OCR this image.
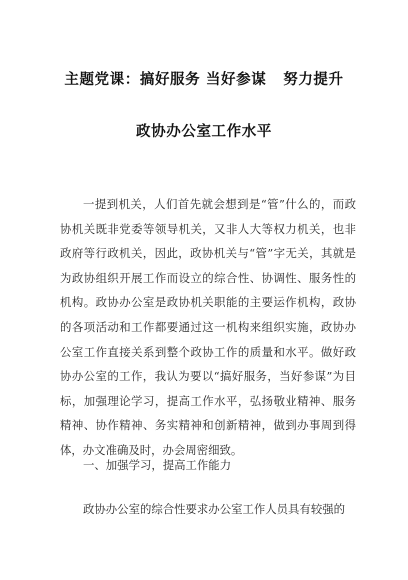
主题党课：搞好服务 当好参谋   努力提升
政协办公室工作水平
一提到机关，人们首先就会想到是“管”什么的，而政协机关既非党委等领导机关，又非人大等权力机关，也非政府等行政机关，因此，政协机关与“管”字无关，其就是为政协组织开展工作而设立的综合性、协调性、服务性的机构。政协办公室是政协机关职能的主要运作机构，政协的各项活动和工作都要通过这一机构来组织实施，政协办公室工作直接关系到整个政协工作的质量和水平。做好政协办公室的工作，我认为要以“搞好服务，当好参谋”为目标，加强理论学习，提高工作水平，弘扬敬业精神、服务精神、协作精神、务实精神和创新精神，做到办事周到得体，办文准确及时，办会周密细致。
一、加强学习，提高工作能力
政协办公室的综合性要求办公室工作人员具有较强的
